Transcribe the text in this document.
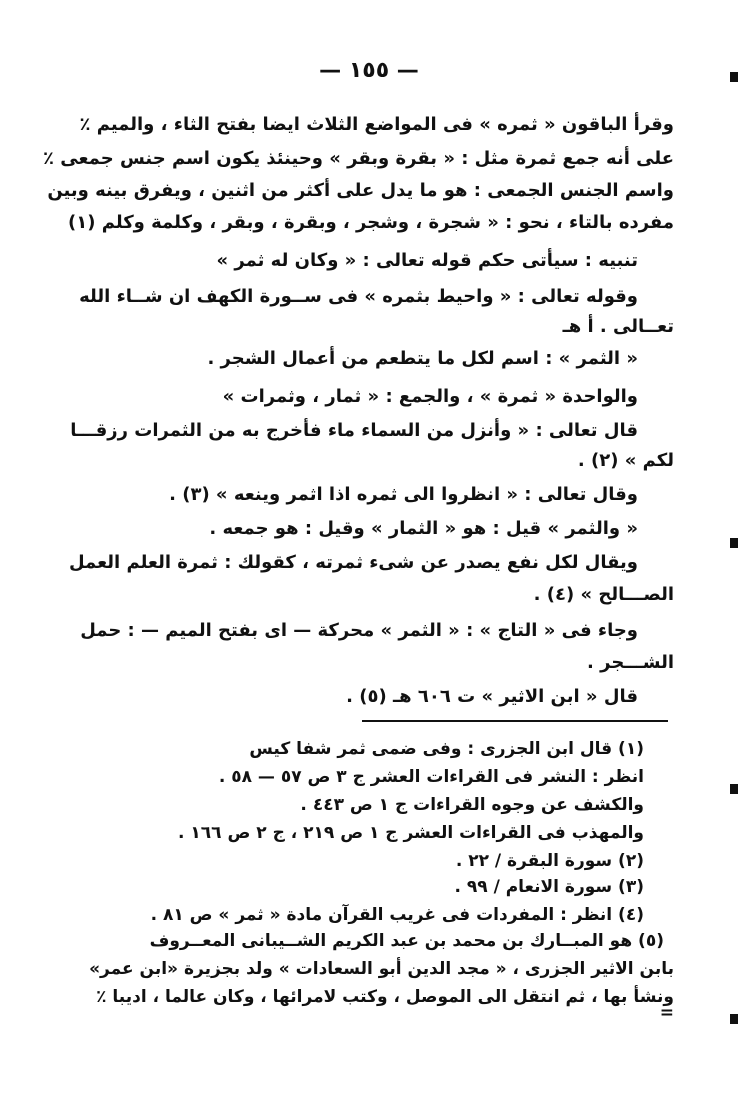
— ١٥٥ —
وقرأ الباقون « ثمره » فى المواضع الثلاث ايضا بفتح الثاء ، والميم ٪
على أنه جمع ثمرة مثل : « بقرة وبقر » وحينئذ يكون اسم جنس جمعى ٪
واسم الجنس الجمعى : هو ما يدل على أكثر من اثنين ، ويفرق بينه وبين
مفرده بالتاء ، نحو : « شجرة ، وشجر ، وبقرة ، وبقر ، وكلمة وكلم (١)
تنبيه : سيأتى حكم قوله تعالى : « وكان له ثمر »
وقوله تعالى : « واحيط بثمره » فى ســورة الكهف ان شــاء الله
تعــالى . أ هـ
« الثمر » : اسم لكل ما يتطعم من أعمال الشجر .
والواحدة « ثمرة » ، والجمع : « ثمار ، وثمرات »
قال تعالى : « وأنزل من السماء ماء فأخرج به من الثمرات رزقـــا
لكم » (٢) .
وقال تعالى : « انظروا الى ثمره اذا اثمر وينعه » (٣) .
« والثمر » قيل : هو « الثمار » وقيل : هو جمعه .
ويقال لكل نفع يصدر عن شىء ثمرته ، كقولك : ثمرة العلم العمل
الصـــالح » (٤) .
وجاء فى « التاج » : « الثمر » محركة — اى بفتح الميم — : حمل
الشـــجر .
قال « ابن الاثير » ت ٦٠٦ هـ (٥) .
(١) قال ابن الجزرى : وفى ضمى ثمر شفا كيس
انظر : النشر فى القراءات العشر ج ٣ ص ٥٧ — ٥٨ .
والكشف عن وجوه القراءات ج ١ ص ٤٤٣ .
والمهذب فى القراءات العشر ج ١ ص ٢١٩ ، ج ٢ ص ١٦٦ .
(٢) سورة البقرة / ٢٢ .
(٣) سورة الانعام / ٩٩ .
(٤) انظر : المفردات فى غريب القرآن مادة « ثمر » ص ٨١ .
(٥) هو المبــارك بن محمد بن عبد الكريم الشــيبانى المعــروف
بابن الاثير الجزرى ، « مجد الدين أبو السعادات » ولد بجزيرة «ابن عمر»
ونشأ بها ، ثم انتقل الى الموصل ، وكتب لامرائها ، وكان عالما ، اديبا ٪
=
